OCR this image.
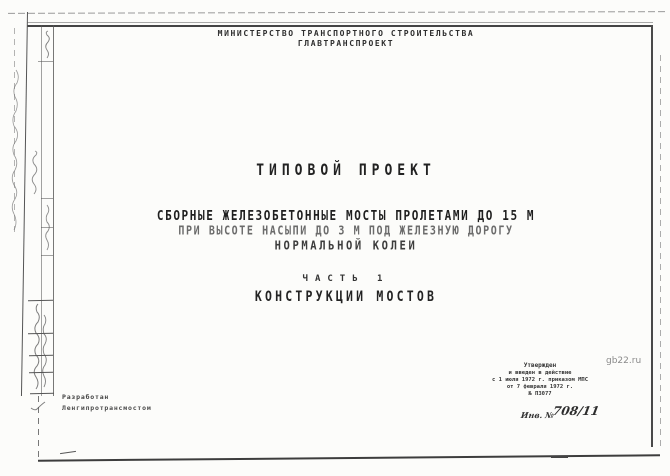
МИНИСТЕРСТВО ТРАНСПОРТНОГО СТРОИТЕЛЬСТВА
ГЛАВТРАНСПРОЕКТ
ТИПОВОЙ ПРОЕКТ
СБОРНЫЕ ЖЕЛЕЗОБЕТОННЫЕ МОСТЫ ПРОЛЕТАМИ ДО 15 М
ПРИ ВЫСОТЕ НАСЫПИ ДО 3 М ПОД ЖЕЛЕЗНУЮ ДОРОГУ
НОРМАЛЬНОЙ КОЛЕИ
ЧАСТЬ 1
КОНСТРУКЦИИ МОСТОВ
Разработан
Ленгипротрансмостом
Утвержден
и введен в действие
с 1 июля 1972 г. приказом МПС
от 7 февраля 1972 г.
№ П3077
Инв. №
708/11
gb22.ru
